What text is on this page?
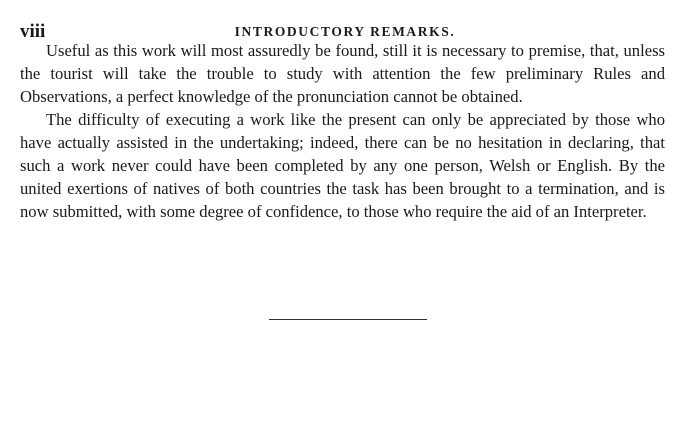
viii	INTRODUCTORY REMARKS.

Useful as this work will most assuredly be found, still it is necessary to premise, that, unless the tourist will take the trouble to study with attention the few preliminary Rules and Observations, a perfect knowledge of the pronunciation cannot be obtained.

The difficulty of executing a work like the present can only be appreciated by those who have actually assisted in the undertaking; indeed, there can be no hesitation in declaring, that such a work never could have been completed by any one person, Welsh or English. By the united exertions of natives of both countries the task has been brought to a termination, and is now submitted, with some degree of confidence, to those who require the aid of an Interpreter.
